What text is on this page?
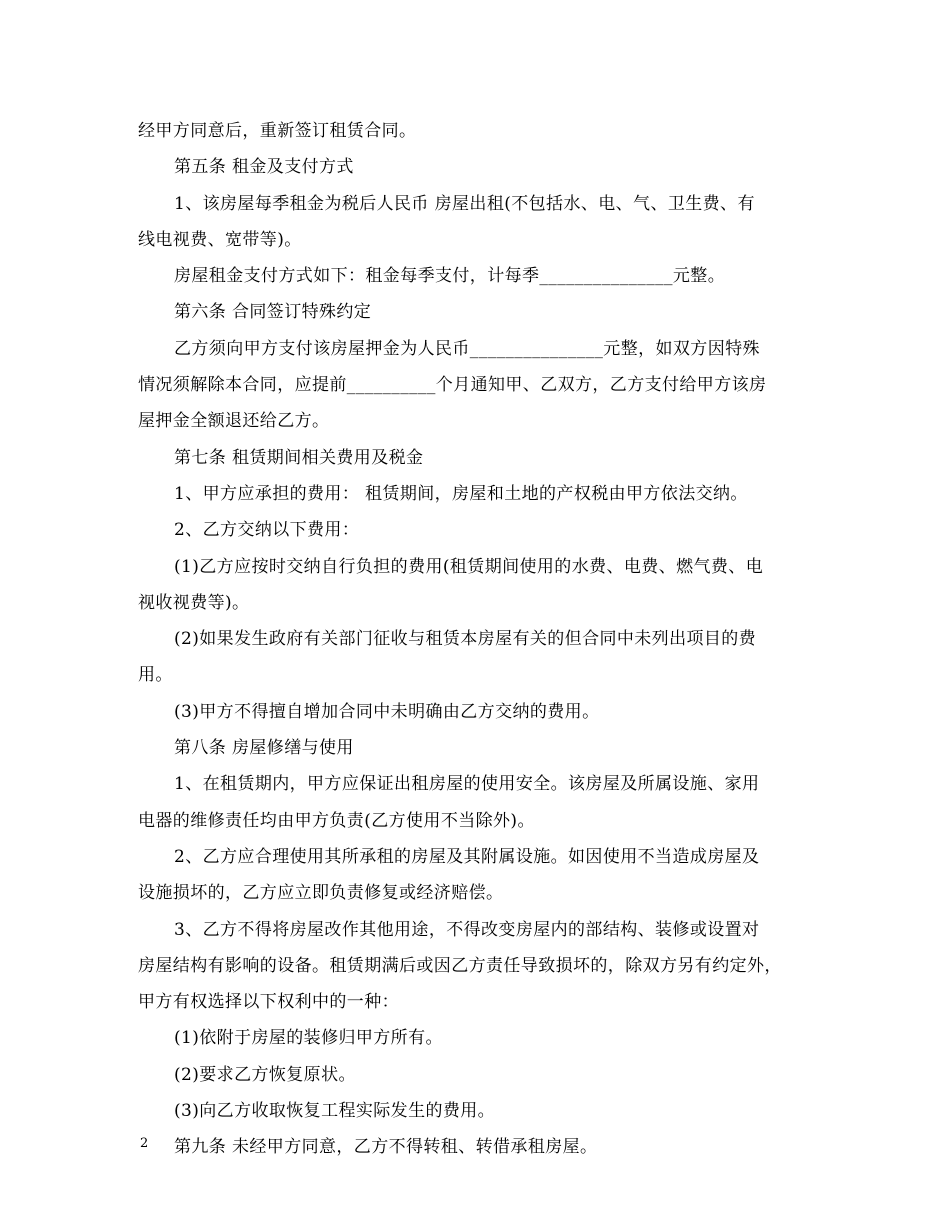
经甲方同意后，重新签订租赁合同。
第五条 租金及支付方式
1、该房屋每季租金为税后人民币 房屋出租(不包括水、电、气、卫生费、有
线电视费、宽带等)。
房屋租金支付方式如下：租金每季支付，计每季_______________元整。
第六条 合同签订特殊约定
乙方须向甲方支付该房屋押金为人民币_______________元整，如双方因特殊
情况须解除本合同，应提前__________个月通知甲、乙双方，乙方支付给甲方该房
屋押金全额退还给乙方。
第七条 租赁期间相关费用及税金
1、甲方应承担的费用： 租赁期间，房屋和土地的产权税由甲方依法交纳。
2、乙方交纳以下费用：
(1)乙方应按时交纳自行负担的费用(租赁期间使用的水费、电费、燃气费、电
视收视费等)。
(2)如果发生政府有关部门征收与租赁本房屋有关的但合同中未列出项目的费
用。
(3)甲方不得擅自增加合同中未明确由乙方交纳的费用。
第八条 房屋修缮与使用
1、在租赁期内，甲方应保证出租房屋的使用安全。该房屋及所属设施、家用
电器的维修责任均由甲方负责(乙方使用不当除外)。
2、乙方应合理使用其所承租的房屋及其附属设施。如因使用不当造成房屋及
设施损坏的，乙方应立即负责修复或经济赔偿。
3、乙方不得将房屋改作其他用途，不得改变房屋内的部结构、装修或设置对
房屋结构有影响的设备。租赁期满后或因乙方责任导致损坏的，除双方另有约定外，
甲方有权选择以下权利中的一种：
(1)依附于房屋的装修归甲方所有。
(2)要求乙方恢复原状。
(3)向乙方收取恢复工程实际发生的费用。
第九条 未经甲方同意，乙方不得转租、转借承租房屋。
2
